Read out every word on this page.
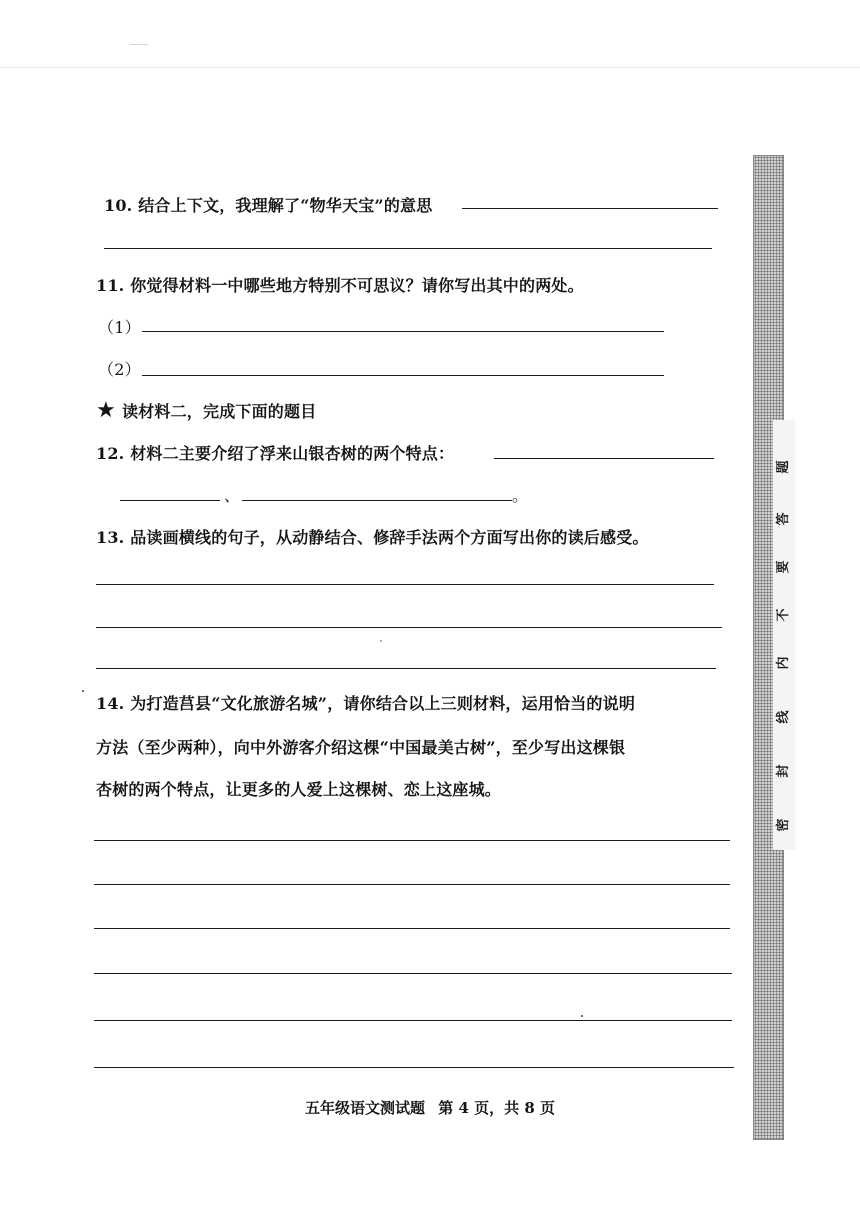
10. 结合上下文，我理解了“物华天宝”的意思
11. 你觉得材料一中哪些地方特别不可思议？请你写出其中的两处。
（1）
（2）
★ 读材料二，完成下面的题目
12. 材料二主要介绍了浮来山银杏树的两个特点：
、	。
13. 品读画横线的句子，从动静结合、修辞手法两个方面写出你的读后感受。
14. 为打造莒县“文化旅游名城”，请你结合以上三则材料，运用恰当的说明
方法（至少两种），向中外游客介绍这棵“中国最美古树”，至少写出这棵银
杏树的两个特点，让更多的人爱上这棵树、恋上这座城。
密
封
线
内
不
要
答
题
五年级语文测试题 第 4 页，共 8 页
